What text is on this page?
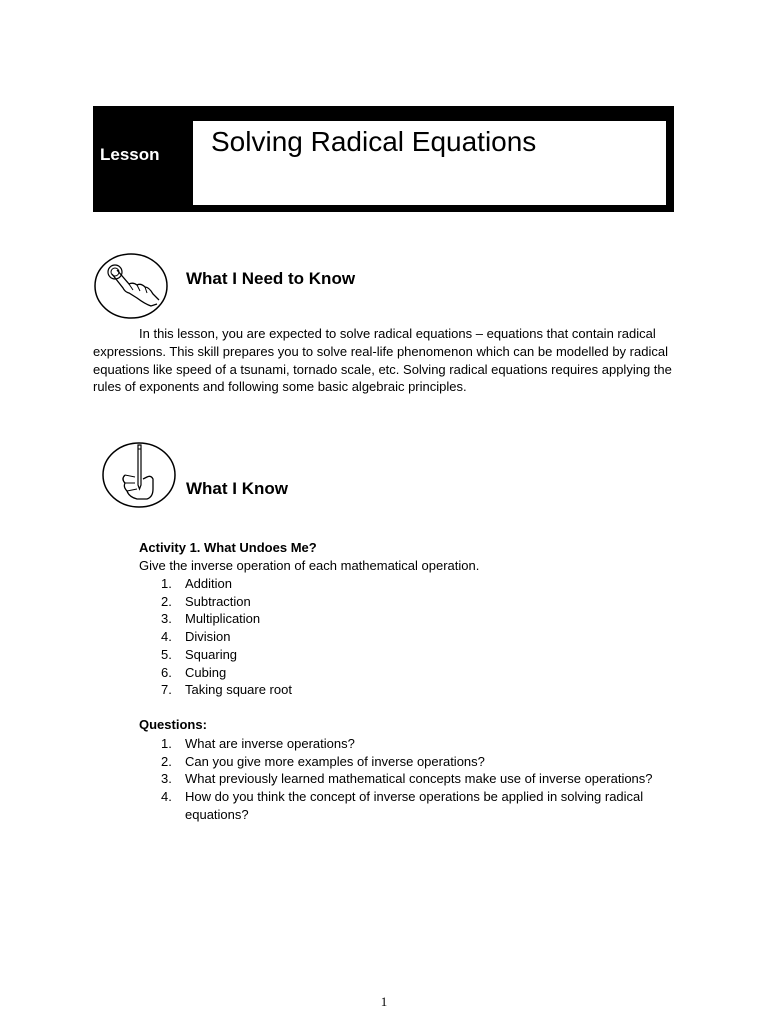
Lesson Solving Radical Equations
What I Need to Know

In this lesson, you are expected to solve radical equations – equations that contain radical expressions. This skill prepares you to solve real-life phenomenon which can be modelled by radical equations like speed of a tsunami, tornado scale, etc. Solving radical equations requires applying the rules of exponents and following some basic algebraic principles.

What I Know
Activity 1. What Undoes Me?
Give the inverse operation of each mathematical operation.
1.	Addition
2.	Subtraction
3.	Multiplication
4.	Division
5.	Squaring
6.	Cubing
7.	Taking square root
Questions:
1.	What are inverse operations?
2.	Can you give more examples of inverse operations?
3.	What previously learned mathematical concepts make use of inverse operations?
4.	How do you think the concept of inverse operations be applied in solving radical equations?
1
